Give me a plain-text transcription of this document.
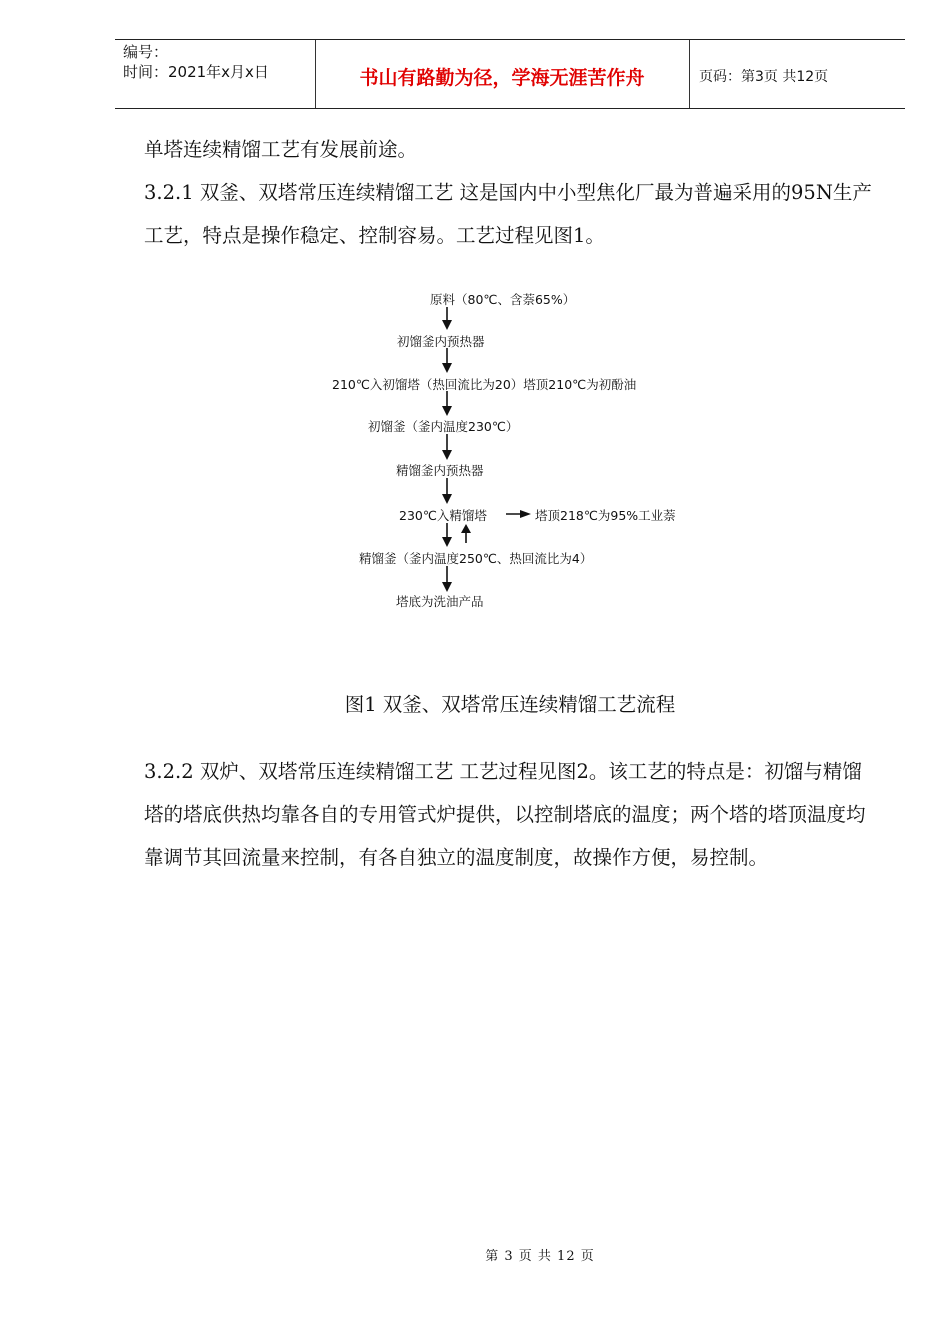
编号：
时间：2021年x月x日	书山有路勤为径，学海无涯苦作舟	页码：第3页 共12页
单塔连续精馏工艺有发展前途。
3.2.1 双釜、双塔常压连续精馏工艺 这是国内中小型焦化厂最为普遍采用的95N生产工艺，特点是操作稳定、控制容易。工艺过程见图1。
原料（80℃、含萘65%）
初馏釜内预热器
210℃入初馏塔（热回流比为20）塔顶210℃为初酚油
初馏釜（釜内温度230℃）
精馏釜内预热器
230℃入精馏塔	塔顶218℃为95%工业萘
精馏釜（釜内温度250℃、热回流比为4）
塔底为洗油产品
图1 双釜、双塔常压连续精馏工艺流程
3.2.2 双炉、双塔常压连续精馏工艺 工艺过程见图2。该工艺的特点是：初馏与精馏塔的塔底供热均靠各自的专用管式炉提供，以控制塔底的温度；两个塔的塔顶温度均靠调节其回流量来控制，有各自独立的温度制度，故操作方便，易控制。
第 3 页 共 12 页
